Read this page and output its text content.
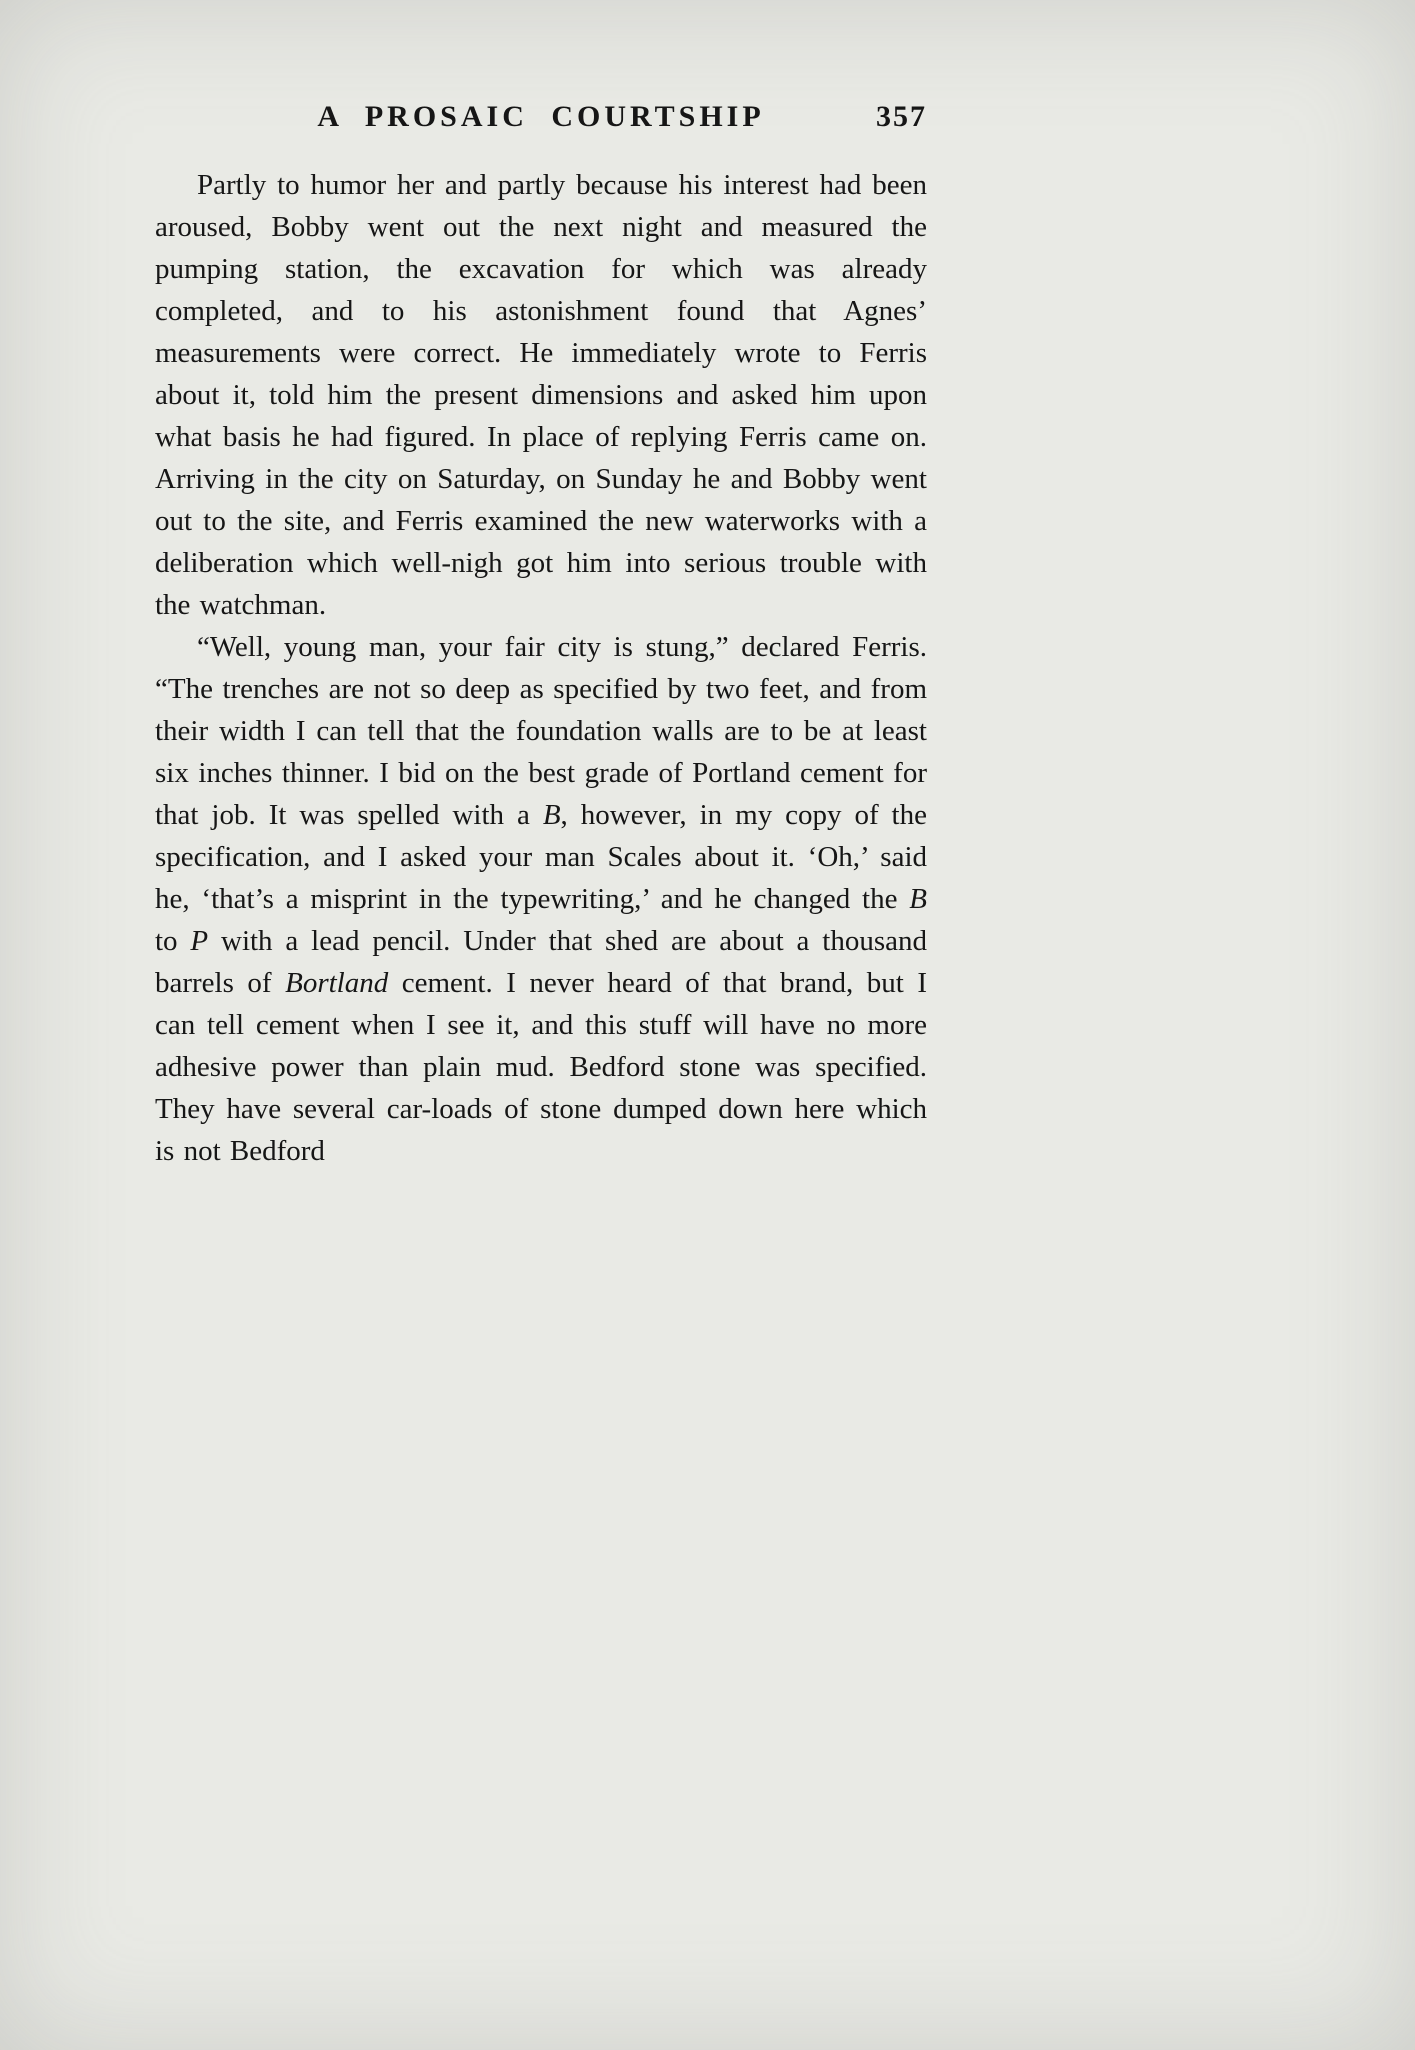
A PROSAIC COURTSHIP	357

Partly to humor her and partly because his interest had been aroused, Bobby went out the next night and measured the pumping station, the excavation for which was already completed, and to his astonishment found that Agnes’ measurements were correct. He immediately wrote to Ferris about it, told him the present dimensions and asked him upon what basis he had figured. In place of replying Ferris came on. Arriving in the city on Saturday, on Sunday he and Bobby went out to the site, and Ferris examined the new waterworks with a deliberation which well-nigh got him into serious trouble with the watchman.

“Well, young man, your fair city is stung,” declared Ferris. “The trenches are not so deep as specified by two feet, and from their width I can tell that the foundation walls are to be at least six inches thinner. I bid on the best grade of Portland cement for that job. It was spelled with a B, however, in my copy of the specification, and I asked your man Scales about it. ‘Oh,’ said he, ‘that’s a misprint in the typewriting,’ and he changed the B to P with a lead pencil. Under that shed are about a thousand barrels of Bortland cement. I never heard of that brand, but I can tell cement when I see it, and this stuff will have no more adhesive power than plain mud. Bedford stone was specified. They have several car-loads of stone dumped down here which is not Bedford
